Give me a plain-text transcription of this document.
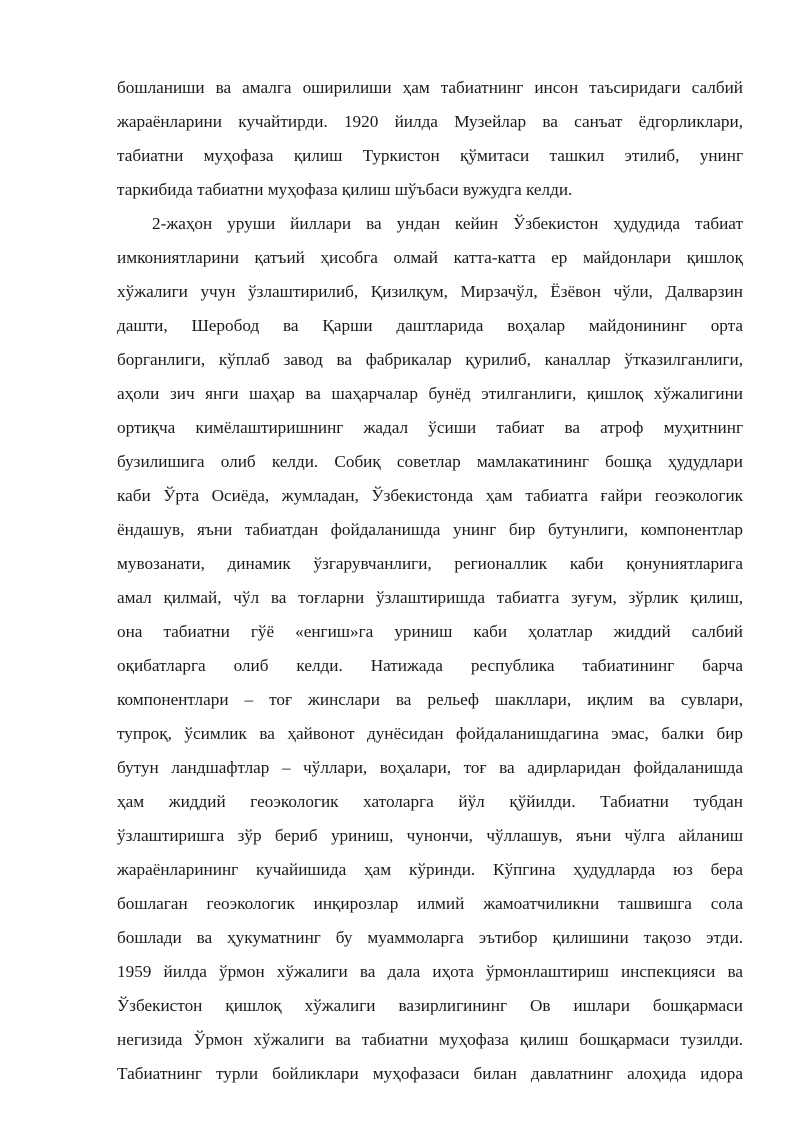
бошланиши ва амалга оширилиши ҳам табиатнинг инсон таъсиридаги салбий
жараёнларини кучайтирди. 1920 йилда Музейлар ва санъат ёдгорликлари,
табиатни муҳофаза қилиш Туркистон қўмитаси ташкил этилиб, унинг
таркибида табиатни муҳофаза қилиш шўъбаси вужудга келди.
2-жаҳон уруши йиллари ва ундан кейин Ўзбекистон ҳудудида табиат
имкониятларини қатъий ҳисобга олмай катта-катта ер майдонлари қишлоқ
хўжалиги учун ўзлаштирилиб, Қизилқум, Мирзачўл, Ёзёвон чўли, Далварзин
дашти, Шеробод ва Қарши даштларида воҳалар майдонининг орта
борганлиги, кўплаб завод ва фабрикалар қурилиб, каналлар ўтказилганлиги,
аҳоли зич янги шаҳар ва шаҳарчалар бунёд этилганлиги, қишлоқ хўжалигини
ортиқча кимёлаштиришнинг жадал ўсиши табиат ва атроф муҳитнинг
бузилишига олиб келди. Собиқ советлар мамлакатининг бошқа ҳудудлари
каби Ўрта Осиёда, жумладан, Ўзбекистонда ҳам табиатга ғайри геоэкологик
ёндашув, яъни табиатдан фойдаланишда унинг бир бутунлиги, компонентлар
мувозанати, динамик ўзгарувчанлиги, регионаллик каби қонуниятларига
амал қилмай, чўл ва тоғларни ўзлаштиришда табиатга зуғум, зўрлик қилиш,
она табиатни гўё «енгиш»га уриниш каби ҳолатлар жиддий салбий
оқибатларга олиб келди. Натижада республика табиатининг барча
компонентлари – тоғ жинслари ва рельеф шакллари, иқлим ва сувлари,
тупроқ, ўсимлик ва ҳайвонот дунёсидан фойдаланишдагина эмас, балки бир
бутун ландшафтлар – чўллари, воҳалари, тоғ ва адирларидан фойдаланишда
ҳам жиддий геоэкологик хатоларга йўл қўйилди. Табиатни тубдан
ўзлаштиришга зўр бериб уриниш, чунончи, чўллашув, яъни чўлга айланиш
жараёнларининг кучайишида ҳам кўринди. Кўпгина ҳудудларда юз бера
бошлаган геоэкологик инқирозлар илмий жамоатчиликни ташвишга сола
бошлади ва ҳукуматнинг бу муаммоларга эътибор қилишини тақозо этди.
1959 йилда ўрмон хўжалиги ва дала иҳота ўрмонлаштириш инспекцияси ва
Ўзбекистон қишлоқ хўжалиги вазирлигининг Ов ишлари бошқармаси
негизида Ўрмон хўжалиги ва табиатни муҳофаза қилиш бошқармаси тузилди.
Табиатнинг турли бойликлари муҳофазаси билан давлатнинг алоҳида идора
